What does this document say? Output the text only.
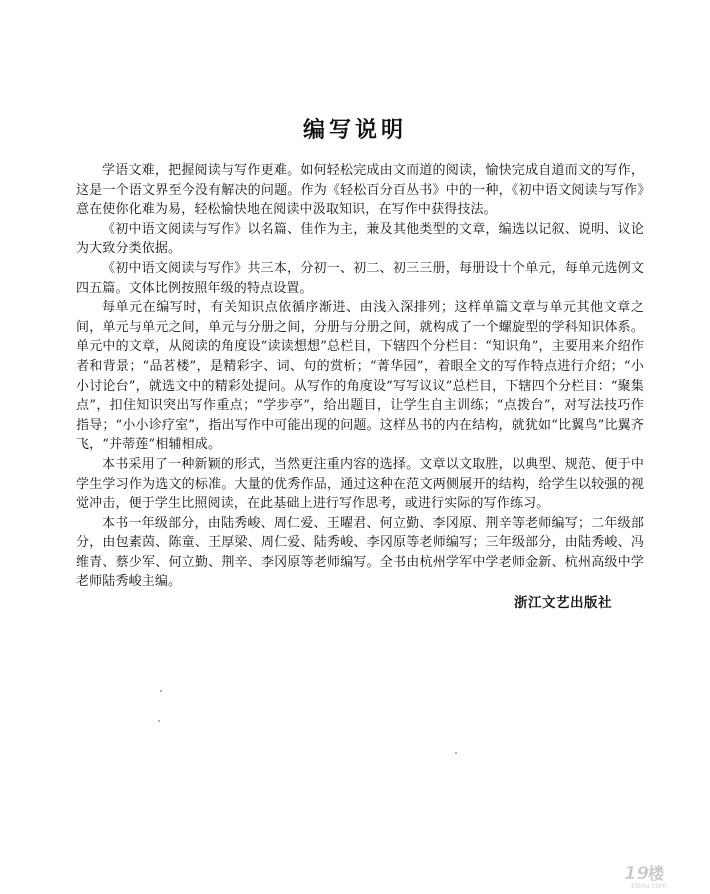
编写说明

学语文难，把握阅读与写作更难。如何轻松完成由文而道的阅读，愉快完成自道而文的写作，这是一个语文界至今没有解决的问题。作为《轻松百分百丛书》中的一种，《初中语文阅读与写作》意在使你化难为易，轻松愉快地在阅读中汲取知识，在写作中获得技法。

《初中语文阅读与写作》以名篇、佳作为主，兼及其他类型的文章，编选以记叙、说明、议论为大致分类依据。

《初中语文阅读与写作》共三本，分初一、初二、初三三册，每册设十个单元，每单元选例文四五篇。文体比例按照年级的特点设置。

每单元在编写时，有关知识点依循序渐进、由浅入深排列；这样单篇文章与单元其他文章之间，单元与单元之间，单元与分册之间，分册与分册之间，就构成了一个螺旋型的学科知识体系。单元中的文章，从阅读的角度设“读读想想”总栏目，下辖四个分栏目：“知识角”，主要用来介绍作者和背景；“品茗楼”，是精彩字、词、句的赏析；“菁华园”，着眼全文的写作特点进行介绍；“小小讨论台”，就选文中的精彩处提问。从写作的角度设“写写议议”总栏目，下辖四个分栏目：“聚集点”，扣住知识突出写作重点；“学步亭”，给出题目，让学生自主训练；“点拨台”，对写法技巧作指导；“小小诊疗室”，指出写作中可能出现的问题。这样丛书的内在结构，就犹如“比翼鸟”比翼齐飞，“并蒂莲”相辅相成。

本书采用了一种新颖的形式，当然更注重内容的选择。文章以文取胜，以典型、规范、便于中学生学习作为选文的标准。大量的优秀作品，通过这种在范文两侧展开的结构，给学生以较强的视觉冲击，便于学生比照阅读，在此基础上进行写作思考，或进行实际的写作练习。

本书一年级部分，由陆秀峻、周仁爱、王曜君、何立勤、李冈原、荆辛等老师编写；二年级部分，由包素茵、陈童、王厚梁、周仁爱、陆秀峻、李冈原等老师编写；三年级部分，由陆秀峻、冯维青、蔡少军、何立勤、荆辛、李冈原等老师编写。全书由杭州学军中学老师金新、杭州高级中学老师陆秀峻主编。

浙江文艺出版社
19
楼
19lou.com
